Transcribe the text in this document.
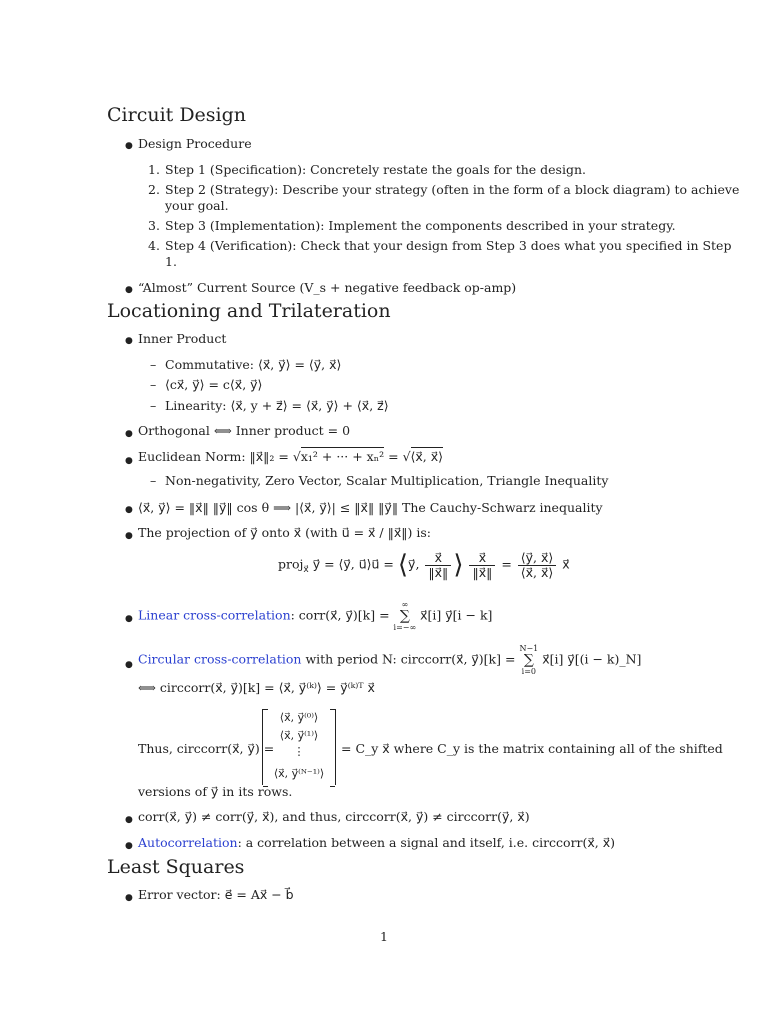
Circuit Design
● Design Procedure
1. Step 1 (Specification): Concretely restate the goals for the design.
2. Step 2 (Strategy): Describe your strategy (often in the form of a block diagram) to achieve
your goal.
3. Step 3 (Implementation): Implement the components described in your strategy.
4. Step 4 (Verification): Check that your design from Step 3 does what you specified in Step
1.
● “Almost” Current Source (V_s + negative feedback op-amp)
Locationing and Trilateration
● Inner Product
– Commutative: ⟨x⃗, y⃗⟩ = ⟨y⃗, x⃗⟩
– ⟨cx⃗, y⃗⟩ = c⟨x⃗, y⃗⟩
– Linearity: ⟨x⃗, y + z⃗⟩ = ⟨x⃗, y⃗⟩ + ⟨x⃗, z⃗⟩
● Orthogonal ⟺ Inner product = 0
● Euclidean Norm: ‖x⃗‖₂ = √x₁² + ··· + xₙ² = √⟨x⃗, x⃗⟩
– Non-negativity, Zero Vector, Scalar Multiplication, Triangle Inequality
● ⟨x⃗, y⃗⟩ = ‖x⃗‖ ‖y⃗‖ cos θ ⟹ |⟨x⃗, y⃗⟩| ≤ ‖x⃗‖ ‖y⃗‖ The Cauchy-Schwarz inequality
● The projection of y⃗ onto x⃗ (with u⃗ = x⃗ / ‖x⃗‖) is:
proj$_{x⃗}$ y⃗ = ⟨y⃗, u⃗⟩u⃗ = ⟨y⃗, $\frac{x⃗}{‖x⃗‖}$ ⟩ $\frac{x⃗}{‖x⃗‖} = \frac{⟨y⃗, x⃗⟩}{⟨x⃗, x⃗⟩}$ x⃗
● Linear cross-correlation: corr(x⃗, y⃗)[k] =
∞
∑
i=−∞
x⃗[i] y⃗[i − k]
● Circular cross-correlation with period N: circcorr(x⃗, y⃗)[k] =
N−1
∑
i=0
x⃗[i] y⃗[(i − k)_N]
⟺ circcorr(x⃗, y⃗)[k] = ⟨x⃗, y⃗⁽ᵏ⁾⟩ = y⃗⁽ᵏ⁾ᵀ x⃗
Thus, circcorr(x⃗, y⃗) =
⟨x⃗, y⃗⁽⁰⁾⟩
⟨x⃗, y⃗⁽¹⁾⟩
⋮
⟨x⃗, y⃗⁽ᴺ⁻¹⁾⟩
= C_y x⃗ where C_y is the matrix containing all of the shifted
versions of y⃗ in its rows.
● corr(x⃗, y⃗) ≠ corr(y⃗, x⃗), and thus, circcorr(x⃗, y⃗) ≠ circcorr(y⃗, x⃗)
● Autocorrelation: a correlation between a signal and itself, i.e. circcorr(x⃗, x⃗)
Least Squares
● Error vector: e⃗ = Ax⃗ − b⃗
1
